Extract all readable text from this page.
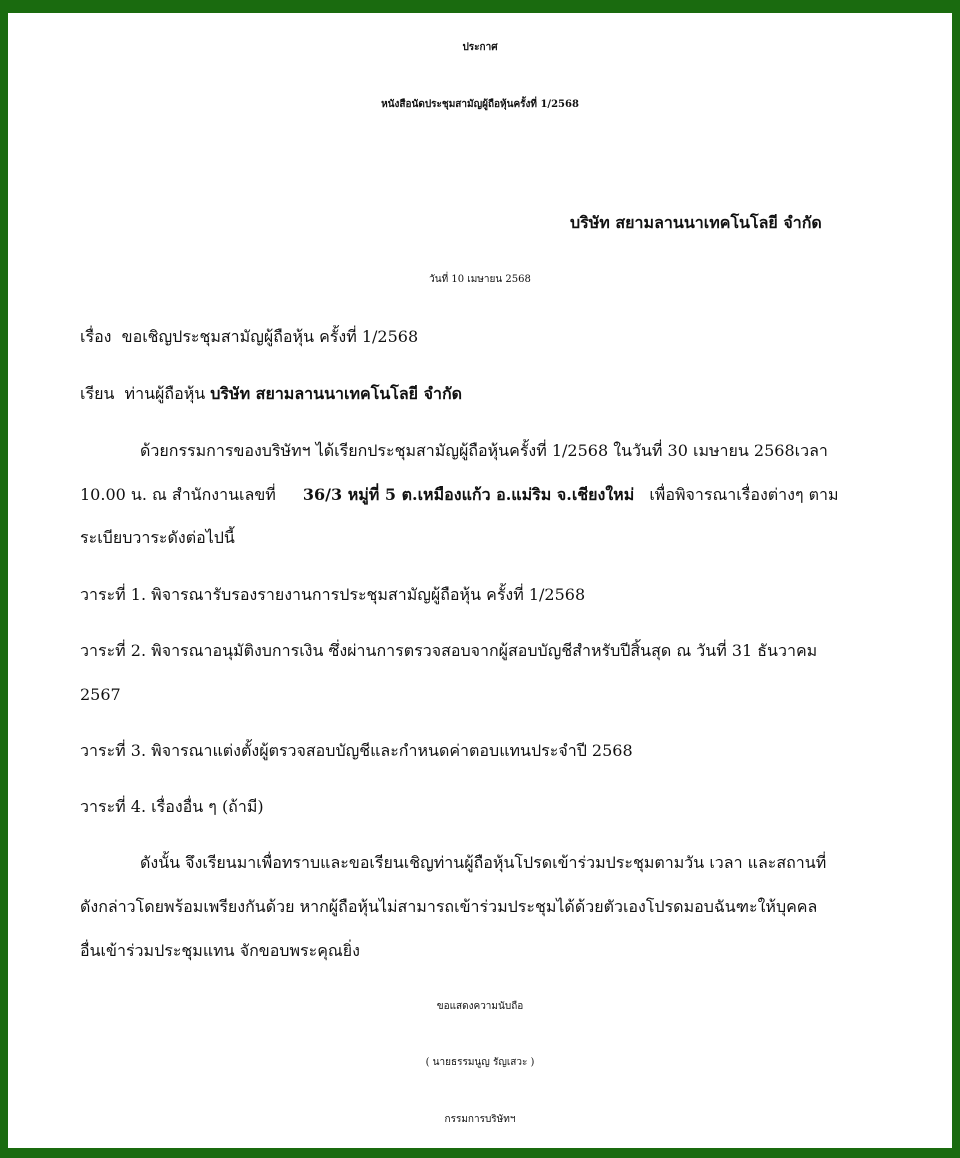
ประกาศ

หนังสือนัดประชุมสามัญผู้ถือหุ้นครั้งที่ 1/2568

บริษัท สยามลานนาเทคโนโลยี จำกัด

วันที่ 10 เมษายน 2568

เรื่อง ขอเชิญประชุมสามัญผู้ถือหุ้น ครั้งที่ 1/2568

เรียน ท่านผู้ถือหุ้น บริษัท สยามลานนาเทคโนโลยี จำกัด

ด้วยกรรมการของบริษัทฯ ได้เรียกประชุมสามัญผู้ถือหุ้นครั้งที่ 1/2568 ในวันที่ 30 เมษายน 2568เวลา

10.00 น. ณ สำนักงานเลขที่ 36/3 หมู่ที่ 5 ต.เหมืองแก้ว อ.แม่ริม จ.เชียงใหม่ เพื่อพิจารณาเรื่องต่างๆ ตาม

ระเบียบวาระดังต่อไปนี้

วาระที่ 1. พิจารณารับรองรายงานการประชุมสามัญผู้ถือหุ้น ครั้งที่ 1/2568

วาระที่ 2. พิจารณาอนุมัติงบการเงิน ซึ่งผ่านการตรวจสอบจากผู้สอบบัญชีสำหรับปีสิ้นสุด ณ วันที่ 31 ธันวาคม

2567

วาระที่ 3. พิจารณาแต่งตั้งผู้ตรวจสอบบัญชีและกำหนดค่าตอบแทนประจำปี 2568

วาระที่ 4. เรื่องอื่น ๆ (ถ้ามี)

ดังนั้น จึงเรียนมาเพื่อทราบและขอเรียนเชิญท่านผู้ถือหุ้นโปรดเข้าร่วมประชุมตามวัน เวลา และสถานที่

ดังกล่าวโดยพร้อมเพรียงกันด้วย หากผู้ถือหุ้นไม่สามารถเข้าร่วมประชุมได้ด้วยตัวเองโปรดมอบฉันฑะให้บุคคล

อื่นเข้าร่วมประชุมแทน จักขอบพระคุณยิ่ง

ขอแสดงความนับถือ

( นายธรรมนูญ รัญเสวะ )

กรรมการบริษัทฯ
